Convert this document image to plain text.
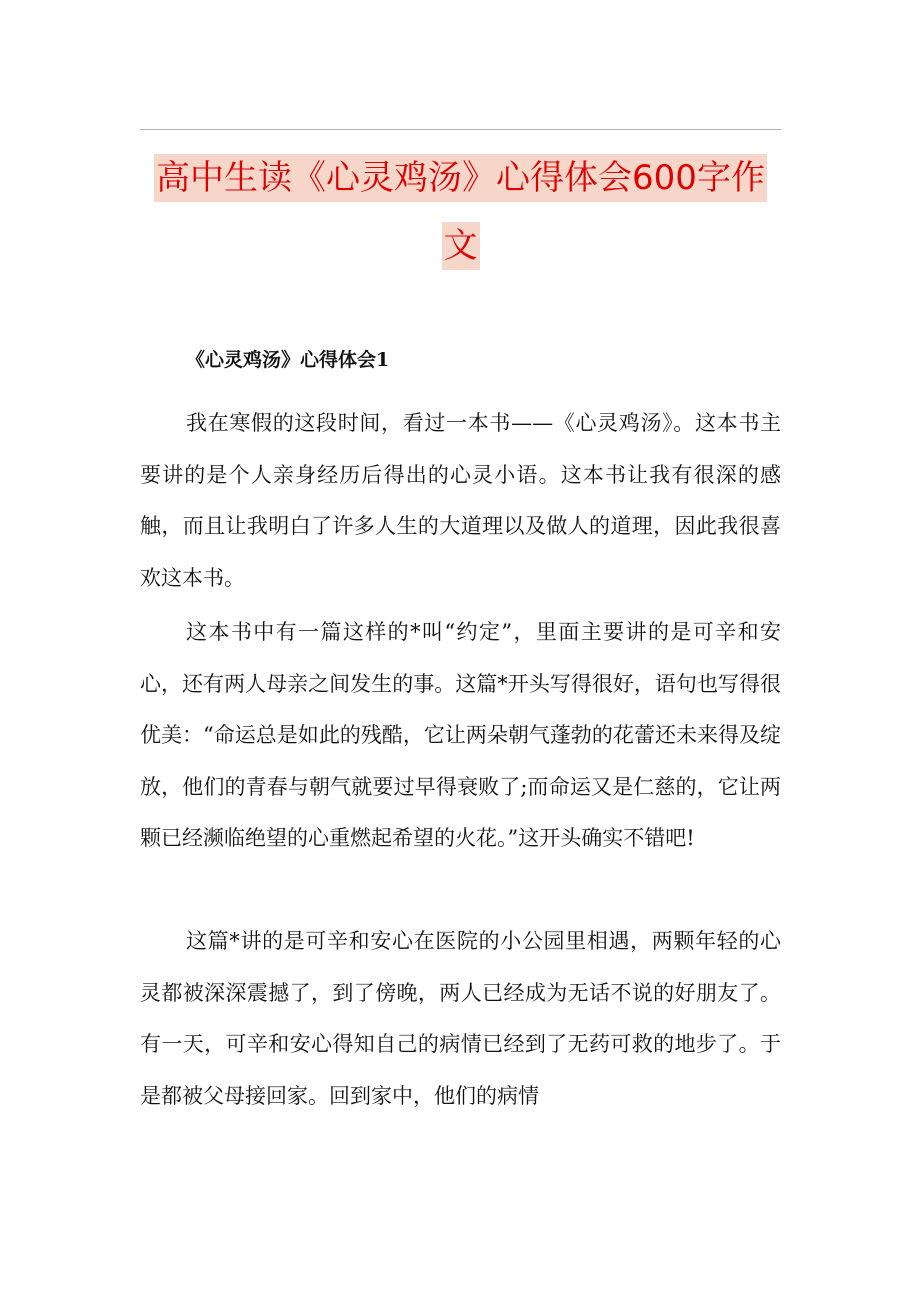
高中生读《心灵鸡汤》心得体会600字作
文
《心灵鸡汤》心得体会1

我在寒假的这段时间，看过一本书——《心灵鸡汤》。这本书主要讲的是个人亲身经历后得出的心灵小语。这本书让我有很深的感触，而且让我明白了许多人生的大道理以及做人的道理，因此我很喜欢这本书。

这本书中有一篇这样的*叫“约定”，里面主要讲的是可辛和安心，还有两人母亲之间发生的事。这篇*开头写得很好，语句也写得很优美：“命运总是如此的残酷，它让两朵朝气蓬勃的花蕾还未来得及绽放，他们的青春与朝气就要过早得衰败了;而命运又是仁慈的，它让两颗已经濒临绝望的心重燃起希望的火花。”这开头确实不错吧!

这篇*讲的是可辛和安心在医院的小公园里相遇，两颗年轻的心灵都被深深震撼了，到了傍晚，两人已经成为无话不说的好朋友了。有一天，可辛和安心得知自己的病情已经到了无药可救的地步了。于是都被父母接回家。回到家中，他们的病情
